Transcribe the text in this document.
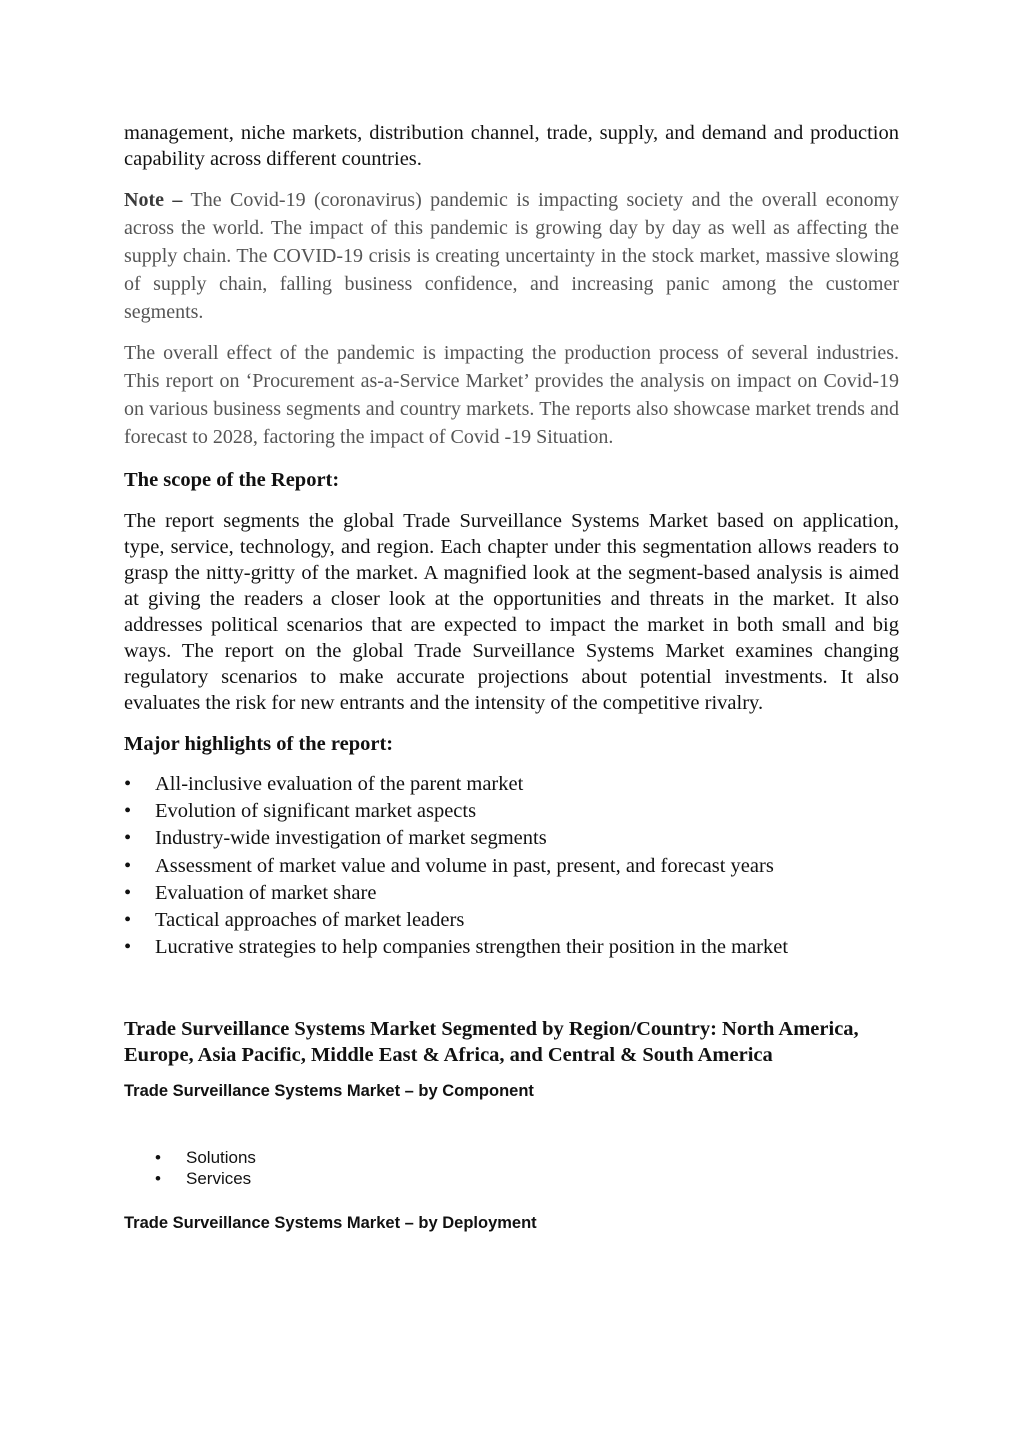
management, niche markets, distribution channel, trade, supply, and demand and production capability across different countries.

Note – The Covid-19 (coronavirus) pandemic is impacting society and the overall economy across the world. The impact of this pandemic is growing day by day as well as affecting the supply chain. The COVID-19 crisis is creating uncertainty in the stock market, massive slowing of supply chain, falling business confidence, and increasing panic among the customer segments.

The overall effect of the pandemic is impacting the production process of several industries. This report on ‘Procurement as-a-Service Market’ provides the analysis on impact on Covid-19 on various business segments and country markets. The reports also showcase market trends and forecast to 2028, factoring the impact of Covid -19 Situation.

The scope of the Report:

The report segments the global Trade Surveillance Systems Market based on application, type, service, technology, and region. Each chapter under this segmentation allows readers to grasp the nitty-gritty of the market. A magnified look at the segment-based analysis is aimed at giving the readers a closer look at the opportunities and threats in the market. It also addresses political scenarios that are expected to impact the market in both small and big ways. The report on the global Trade Surveillance Systems Market examines changing regulatory scenarios to make accurate projections about potential investments. It also evaluates the risk for new entrants and the intensity of the competitive rivalry.

Major highlights of the report:

• All-inclusive evaluation of the parent market
• Evolution of significant market aspects
• Industry-wide investigation of market segments
• Assessment of market value and volume in past, present, and forecast years
• Evaluation of market share
• Tactical approaches of market leaders
• Lucrative strategies to help companies strengthen their position in the market

Trade Surveillance Systems Market Segmented by Region/Country: North America, Europe, Asia Pacific, Middle East & Africa, and Central & South America

Trade Surveillance Systems Market – by Component

• Solutions
• Services

Trade Surveillance Systems Market – by Deployment
